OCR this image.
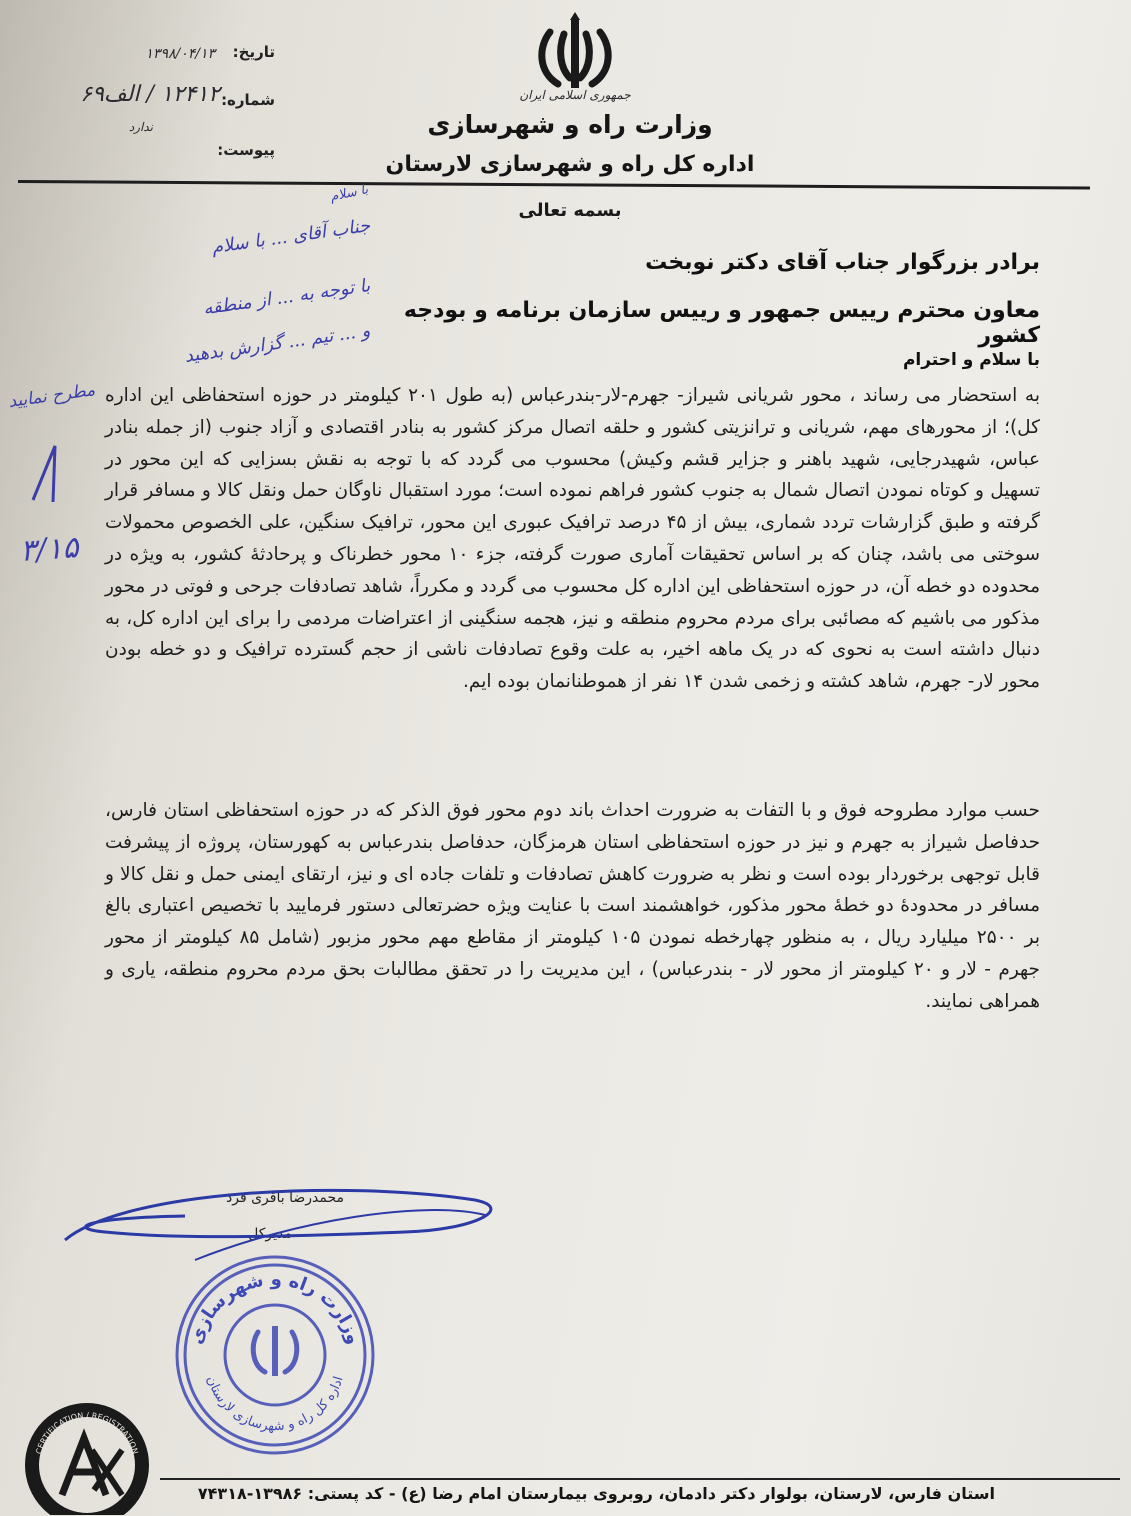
جمهوری اسلامی ایران
وزارت راه و شهرسازی
اداره کل راه و شهرسازی لارستان
تاریخ:
۱۳۹۸/۰۴/۱۳
شماره:
۱۲۴۱۲ / الف۶۹
ندارد
پیوست:
بسمه تعالی
با سلام
جناب آقای ... با سلام
با توجه به ... از منطقه
و ... تیم ... گزارش بدهید
مطرح نمایید
۳/۱۵
برادر بزرگوار جناب آقای دکتر نوبخت
معاون محترم رییس جمهور و رییس سازمان برنامه و بودجه کشور
با سلام و احترام

به استحضار می رساند ، محور شریانی شیراز- جهرم-لار-بندرعباس (به طول ۲۰۱ کیلومتر در حوزه استحفاظی این اداره کل)؛ از محورهای مهم، شریانی و ترانزیتی کشور و حلقه اتصال مرکز کشور به بنادر اقتصادی و آزاد جنوب (از جمله بنادر عباس، شهیدرجایی، شهید باهنر و جزایر قشم وکیش) محسوب می گردد که با توجه به نقش بسزایی که این محور در تسهیل و کوتاه نمودن اتصال شمال به جنوب کشور فراهم نموده است؛ مورد استقبال ناوگان حمل ونقل کالا و مسافر قرار گرفته و طبق گزارشات تردد شماری، بیش از ۴۵ درصد ترافیک عبوری این محور، ترافیک سنگین، علی الخصوص محمولات سوختی می باشد، چنان که بر اساس تحقیقات آماری صورت گرفته، جزء ۱۰ محور خطرناک و پرحادثهٔ کشور، به ویژه در محدوده دو خطه آن، در حوزه استحفاظی این اداره کل محسوب می گردد و مکرراً، شاهد تصادفات جرحی و فوتی در محور مذکور می باشیم که مصائبی برای مردم محروم منطقه و نیز، هجمه سنگینی از اعتراضات مردمی را برای این اداره کل، به دنبال داشته است به نحوی که در یک ماهه اخیر، به علت وقوع تصادفات ناشی از حجم گسترده ترافیک و دو خطه بودن محور لار- جهرم، شاهد کشته و زخمی شدن ۱۴ نفر از هموطنانمان بوده ایم.

حسب موارد مطروحه فوق و با التفات به ضرورت احداث باند دوم محور فوق الذکر که در حوزه استحفاظی استان فارس، حدفاصل شیراز به جهرم و نیز در حوزه استحفاظی استان هرمزگان، حدفاصل بندرعباس به کهورستان، پروژه از پیشرفت قابل توجهی برخوردار بوده است و نظر به ضرورت کاهش تصادفات و تلفات جاده ای و نیز، ارتقای ایمنی حمل و نقل کالا و مسافر در محدودهٔ دو خطهٔ محور مذکور، خواهشمند است با عنایت ویژه حضرتعالی دستور فرمایید با تخصیص اعتباری بالغ بر ۲۵۰۰ میلیارد ریال ، به منظور چهارخطه نمودن ۱۰۵ کیلومتر از مقاطع مهم محور مزبور (شامل ۸۵ کیلومتر از محور جهرم - لار و ۲۰ کیلومتر از محور لار - بندرعباس) ، این مدیریت را در تحقق مطالبات بحق مردم محروم منطقه، یاری و همراهی نمایند.

محمدرضا باقری فرد
مدیرکل
وزارت راه و شهرسازی
اداره کل راه و شهرسازی لارستان
CERTIFICATION / REGISTRATION
استان فارس، لارستان، بولوار دکتر دادمان، روبروی بیمارستان امام رضا (ع) - کد پستی: ۱۳۹۸۶-۷۴۳۱۸
